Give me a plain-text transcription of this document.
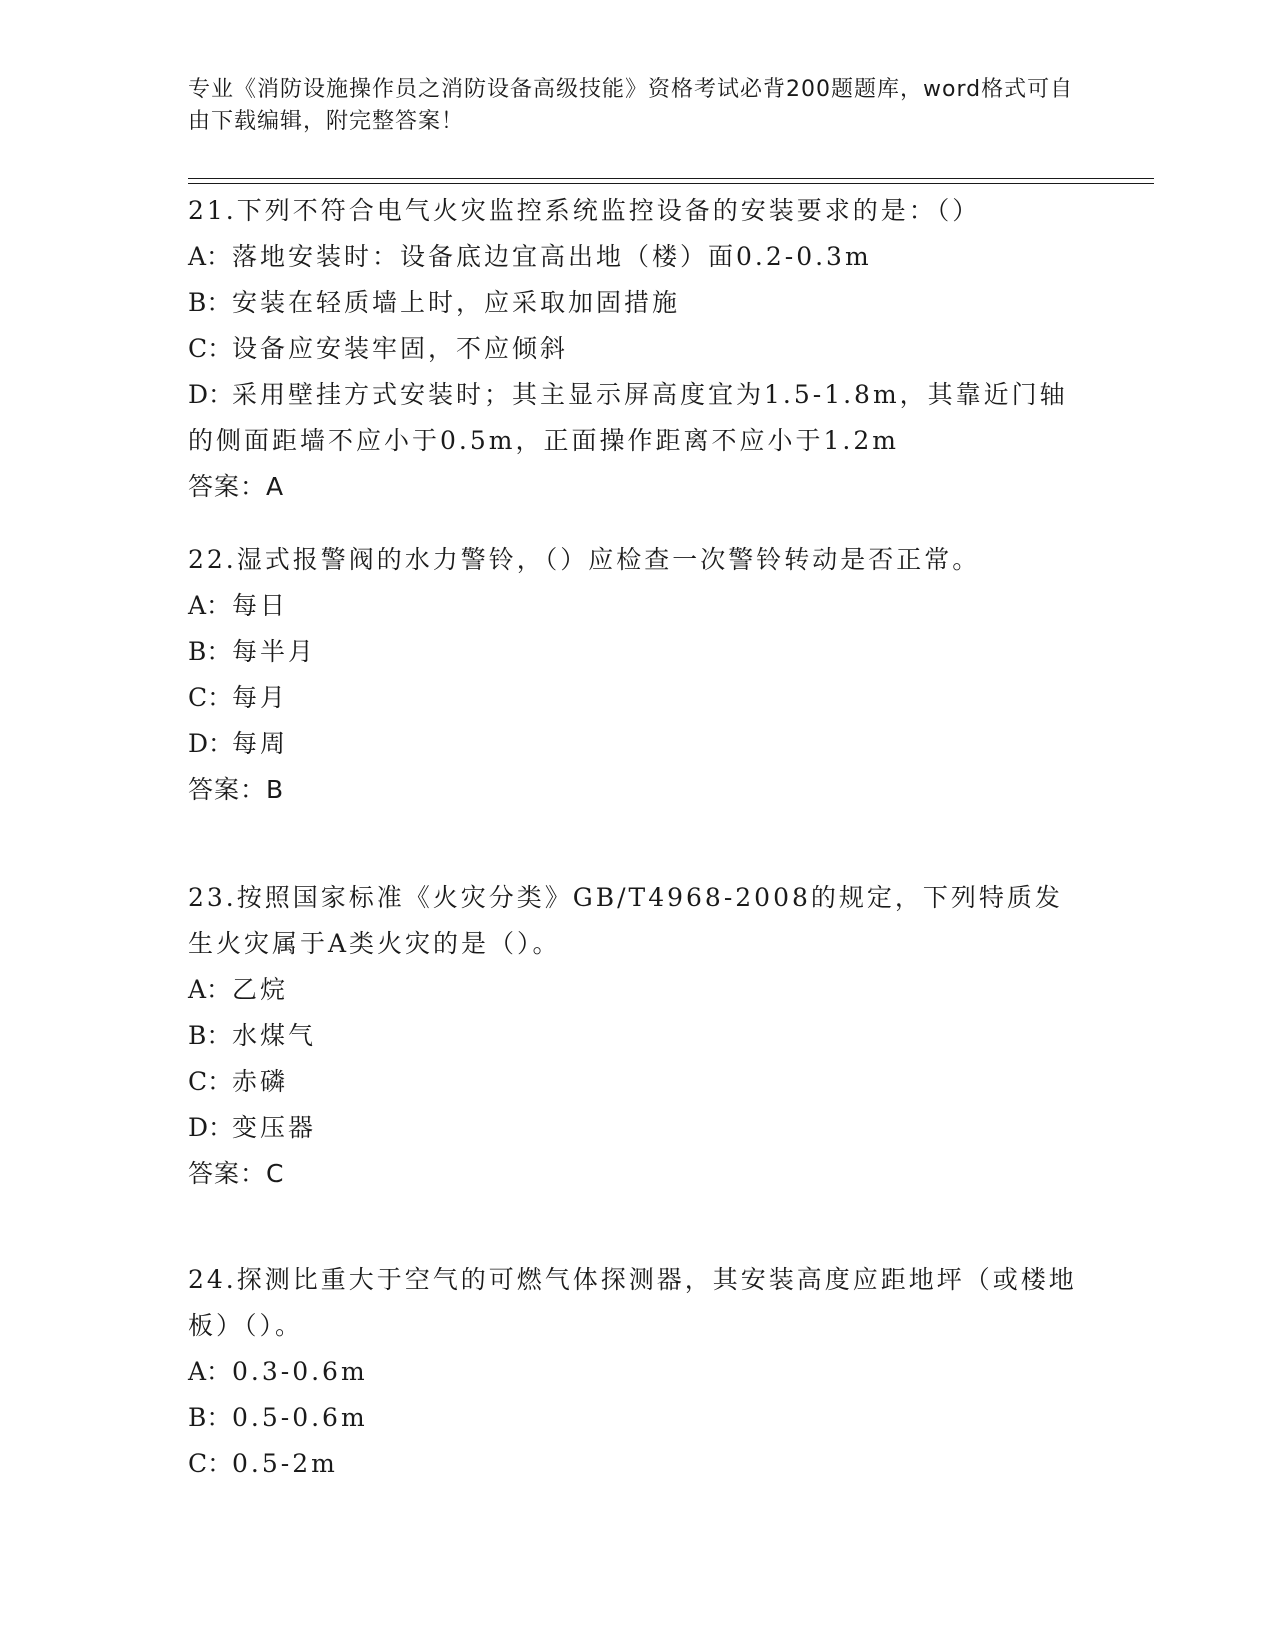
专业《消防设施操作员之消防设备高级技能》资格考试必背200题题库，word格式可自由下载编辑，附完整答案！
21.下列不符合电气火灾监控系统监控设备的安装要求的是：（）
A：落地安装时：设备底边宜高出地（楼）面0.2-0.3m
B：安装在轻质墙上时，应采取加固措施
C：设备应安装牢固，不应倾斜
D：采用壁挂方式安装时；其主显示屏高度宜为1.5-1.8m，其靠近门轴的侧面距墙不应小于0.5m，正面操作距离不应小于1.2m
答案：A
22.湿式报警阀的水力警铃，（）应检查一次警铃转动是否正常。
A：每日
B：每半月
C：每月
D：每周
答案：B
23.按照国家标准《火灾分类》GB/T4968-2008的规定，下列特质发生火灾属于A类火灾的是（）。
A：乙烷
B：水煤气
C：赤磷
D：变压器
答案：C
24.探测比重大于空气的可燃气体探测器，其安装高度应距地坪（或楼地板）（）。
A：0.3-0.6m
B：0.5-0.6m
C：0.5-2m
